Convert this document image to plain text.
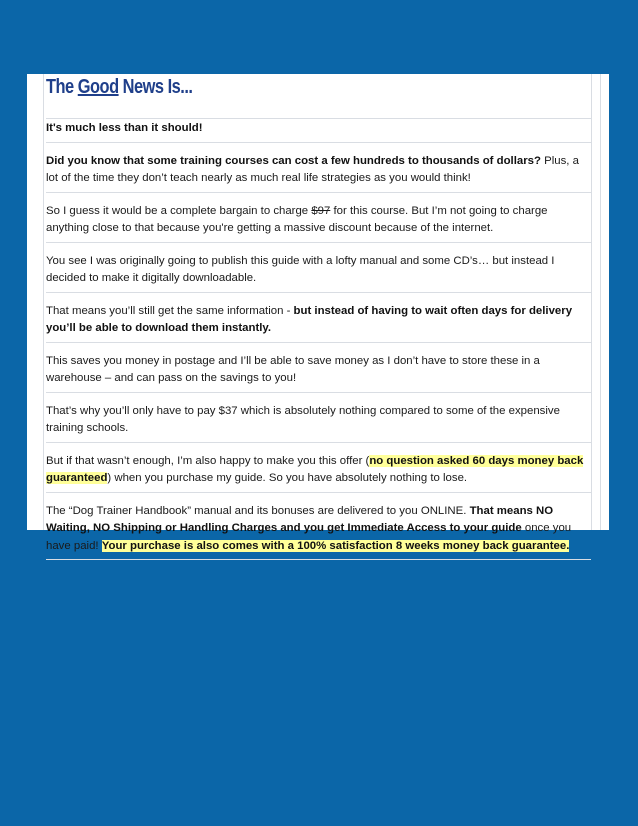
The Good News Is...
It's much less than it should!
Did you know that some training courses can cost a few hundreds to thousands of dollars? Plus, a
lot of the time they don’t teach nearly as much real life strategies as you would think!
So I guess it would be a complete bargain to charge $97 for this course. But I’m not going to charge
anything close to that because you're getting a massive discount because of the internet.
You see I was originally going to publish this guide with a lofty manual and some CD’s… but instead I
decided to make it digitally downloadable.
That means you’ll still get the same information - but instead of having to wait often days for delivery
you’ll be able to download them instantly.
This saves you money in postage and I’ll be able to save money as I don’t have to store these in a
warehouse – and can pass on the savings to you!
That’s why you’ll only have to pay $37 which is absolutely nothing compared to some of the expensive
training schools.
But if that wasn’t enough, I’m also happy to make you this offer (no question asked 60 days money back
guaranteed) when you purchase my guide. So you have absolutely nothing to lose.
The “Dog Trainer Handbook” manual and its bonuses are delivered to you ONLINE. That means NO
Waiting, NO Shipping or Handling Charges and you get Immediate Access to your guide once you
have paid! Your purchase is also comes with a 100% satisfaction 8 weeks money back guarantee.
